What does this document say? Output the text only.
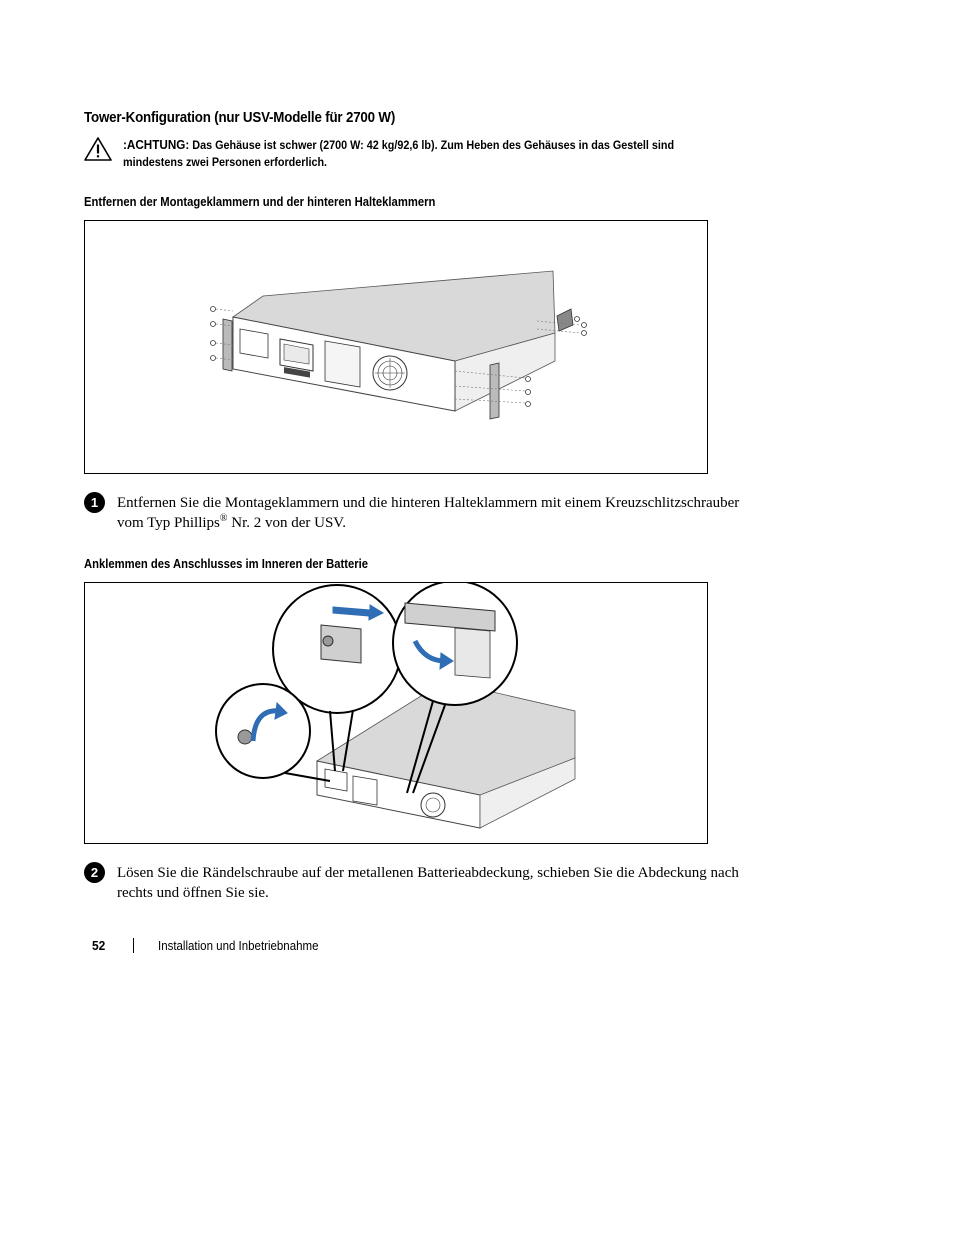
Tower-Konfiguration (nur USV-Modelle für 2700 W)
:ACHTUNG: Das Gehäuse ist schwer (2700 W: 42 kg/92,6 lb). Zum Heben des Gehäuses in das Gestell sind mindestens zwei Personen erforderlich.
Entfernen der Montageklammern und der hinteren Halteklammern
1	Entfernen Sie die Montageklammern und die hinteren Halteklammern mit einem Kreuzschlitzschrauber vom Typ Phillips® Nr. 2 von der USV.
Anklemmen des Anschlusses im Inneren der Batterie
2	Lösen Sie die Rändelschraube auf der metallenen Batterieabdeckung, schieben Sie die Abdeckung nach rechts und öffnen Sie sie.
52	Installation und Inbetriebnahme
